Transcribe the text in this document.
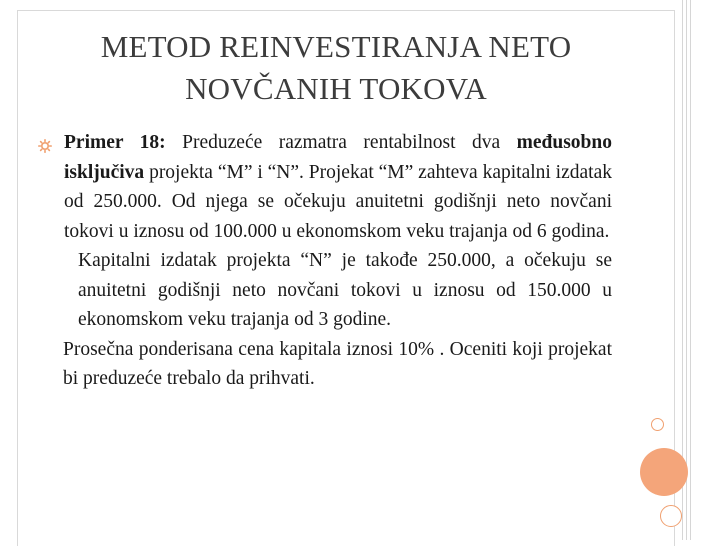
METOD REINVESTIRANJA NETO
NOVČANIH TOKOVA

Primer 18: Preduzeće razmatra rentabilnost dva međusobno isključiva projekta “M” i “N”. Projekat “M” zahteva kapitalni izdatak od 250.000. Od njega se očekuju anuitetni godišnji neto novčani tokovi u iznosu od 100.000 u ekonomskom veku trajanja od 6 godina.

Kapitalni izdatak projekta “N” je takođe 250.000, a očekuju se anuitetni godišnji neto novčani tokovi u iznosu od 150.000 u ekonomskom veku trajanja od 3 godine.

Prosečna ponderisana cena kapitala iznosi 10% . Oceniti koji projekat bi preduzeće trebalo da prihvati.
